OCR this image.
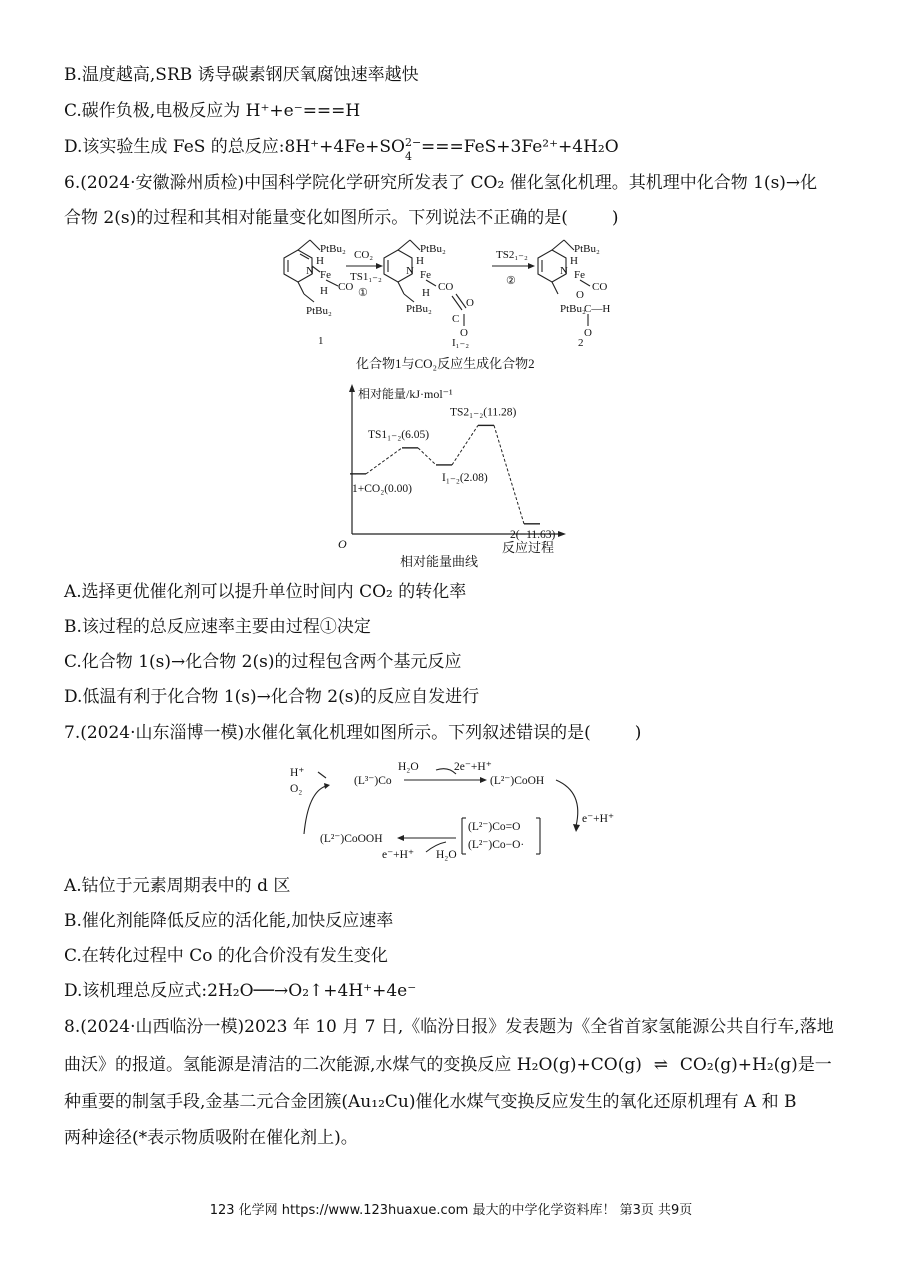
B.温度越高,SRB 诱导碳素钢厌氧腐蚀速率越快
C.碳作负极,电极反应为 H⁺+e⁻===H
D.该实验生成 FeS 的总反应:8H⁺+4Fe+SO 2−
4 ===FeS+3Fe²⁺+4H₂O
6.(2024·安徽滁州质检)中国科学院化学研究所发表了 CO₂ 催化氢化机理。其机理中化合物 1(s)→化
合物 2(s)的过程和其相对能量变化如图所示。下列说法不正确的是(	)
PtBu₂
N
H
Fe
CO
H
PtBu₂
1
CO₂
TS1₁₋₂
①
PtBu₂
N
H
Fe
CO
H
PtBu₂
O
O
C
I₁₋₂
TS2₁₋₂
②
PtBu₂
N
H
Fe
CO
O
PtBu₂
C—H
O
2
化合物1与CO₂反应生成化合物2
1+CO₂(0.00)
TS1₁₋₂(6.05)
I₁₋₂(2.08)
TS2₁₋₂(11.28)
2(−11.63)
相对能量/kJ·mol⁻¹
O	反应过程
相对能量曲线
A.选择更优催化剂可以提升单位时间内 CO₂ 的转化率
B.该过程的总反应速率主要由过程①决定
C.化合物 1(s)→化合物 2(s)的过程包含两个基元反应
D.低温有利于化合物 1(s)→化合物 2(s)的反应自发进行
7.(2024·山东淄博一模)水催化氧化机理如图所示。下列叙述错误的是(	)
H⁺
O₂
(L³⁻)Co
H₂O	2e⁻+H⁺
(L²⁻)CoOH
e⁻+H⁺
(L²⁻)Co=O
(L²⁻)Co−O·
H₂O
e⁻+H⁺
(L²⁻)CoOOH
A.钴位于元素周期表中的 d 区
B.催化剂能降低反应的活化能,加快反应速率
C.在转化过程中 Co 的化合价没有发生变化
D.该机理总反应式:2H₂O──→O₂↑+4H⁺+4e⁻
8.(2024·山西临汾一模)2023 年 10 月 7 日,《临汾日报》发表题为《全省首家氢能源公共自行车,落地
曲沃》的报道。氢能源是清洁的二次能源,水煤气的变换反应 H₂O(g)+CO(g) ⇌ CO₂(g)+H₂(g)是一
种重要的制氢手段,金基二元合金团簇(Au₁₂Cu)催化水煤气变换反应发生的氧化还原机理有 A 和 B
两种途径(*表示物质吸附在催化剂上)。
123 化学网 https://www.123huaxue.com 最大的中学化学资料库！ 第3页 共9页
